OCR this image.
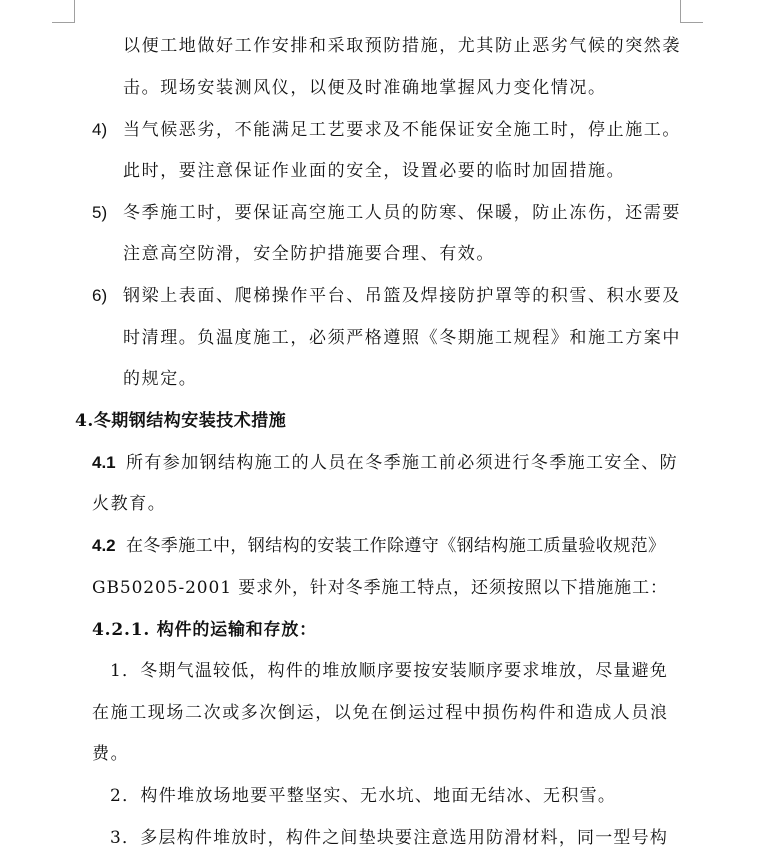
以便工地做好工作安排和采取预防措施，尤其防止恶劣气候的突然袭
击。现场安装测风仪，以便及时准确地掌握风力变化情况。
4) 当气候恶劣，不能满足工艺要求及不能保证安全施工时，停止施工。
此时，要注意保证作业面的安全，设置必要的临时加固措施。
5) 冬季施工时，要保证高空施工人员的防寒、保暖，防止冻伤，还需要
注意高空防滑，安全防护措施要合理、有效。
6) 钢梁上表面、爬梯操作平台、吊篮及焊接防护罩等的积雪、积水要及
时清理。负温度施工，必须严格遵照《冬期施工规程》和施工方案中
的规定。
4.冬期钢结构安装技术措施
4.1 所有参加钢结构施工的人员在冬季施工前必须进行冬季施工安全、防
火教育。
4.2 在冬季施工中，钢结构的安装工作除遵守《钢结构施工质量验收规范》
GB50205-2001 要求外，针对冬季施工特点，还须按照以下措施施工：
4.2.1. 构件的运输和存放：
1．冬期气温较低，构件的堆放顺序要按安装顺序要求堆放，尽量避免
在施工现场二次或多次倒运，以免在倒运过程中损伤构件和造成人员浪
费。
2．构件堆放场地要平整坚实、无水坑、地面无结冰、无积雪。
3．多层构件堆放时，构件之间垫块要注意选用防滑材料，同一型号构
